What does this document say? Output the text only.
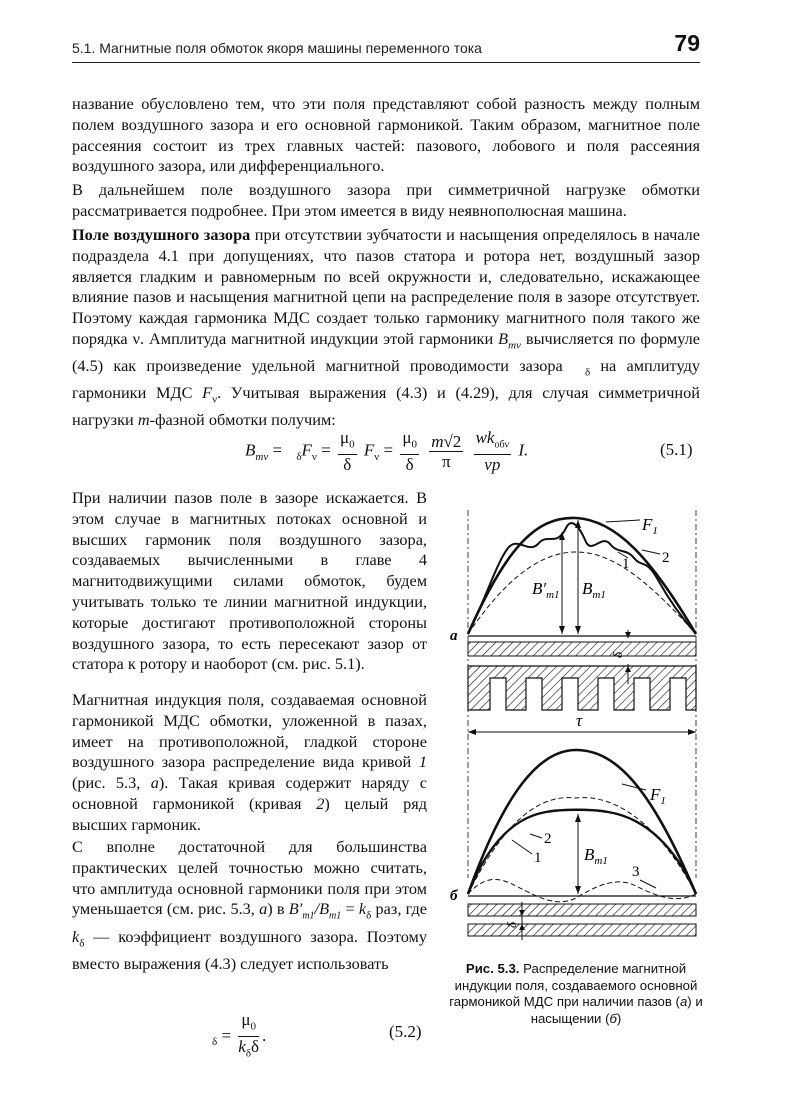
5.1. Магнитные поля обмоток якоря машины переменного тока	79

название обусловлено тем, что эти поля представляют собой разность между полным полем воздушного зазора и его основной гармоникой. Таким образом, магнитное поле рассеяния состоит из трех главных частей: пазового, лобового и поля рассеяния воздушного зазора, или дифференциального.

В дальнейшем поле воздушного зазора при симметричной нагрузке обмотки рассматривается подробнее. При этом имеется в виду неявнополюсная машина.

Поле воздушного зазора при отсутствии зубчатости и насыщения определялось в начале подраздела 4.1 при допущениях, что пазов статора и ротора нет, воздушный зазор является гладким и равномерным по всей окружности и, следовательно, искажающее влияние пазов и насыщения магнитной цепи на распределение поля в зазоре отсутствует. Поэтому каждая гармоника МДС создает только гармонику магнитного поля такого же порядка ν. Амплитуда магнитной индукции этой гармоники $B_{m\nu}$ вычисляется по формуле (4.5) как произведение удельной магнитной проводимости зазора $_\delta$ на амплитуду гармоники МДС $F_\nu$. Учитывая выражения (4.3) и (4.29), для случая симметричной нагрузки m-фазной обмотки получим:

$B_{m\nu} = _\delta F_\nu = \frac{\mu_0}{\delta} F_\nu = \frac{\mu_0}{\delta}$
$\frac{m√2}{\pi}$
$\frac{wk_{об\nu}}{\nu p} I$.	(5.1)

При наличии пазов поле в зазоре искажается. В этом случае в магнитных потоках основной и высших гармоник поля воздушного зазора, создаваемых вычисленными в главе 4 магнитодвижущими силами обмоток, будем учитывать только те линии магнитной индукции, которые достигают противоположной стороны воздушного зазора, то есть пересекают зазор от статора к ротору и наоборот (см. рис. 5.1).

Магнитная индукция поля, создаваемая основной гармоникой МДС обмотки, уложенной в пазах, имеет на противоположной, гладкой стороне воздушного зазора распределение вида кривой 1 (рис. 5.3, а). Такая кривая содержит наряду с основной гармоникой (кривая 2) целый ряд высших гармоник.

С вполне достаточной для большинства практических целей точностью можно считать, что амплитуда основной гармоники поля при этом уменьшается (см. рис. 5.3, а) в $B'_{m1}/B_{m1} = k_\delta$ раз, где $k_\delta$ — коэффициент воздушного зазора. Поэтому вместо выражения (4.3) следует использовать

$_\delta = \frac{\mu_0}{k_\delta\delta}$ .	(5.2)
$B'_{m1}$ $B_{m1}$
$F_1$
1 2
а
δ
τ
$B_{m1}$
$F_1$
2
1
3
б
δ
Рис. 5.3. Распределение магнитной индукции поля, создаваемого основной гармоникой МДС при наличии пазов (а) и насыщении (б)
